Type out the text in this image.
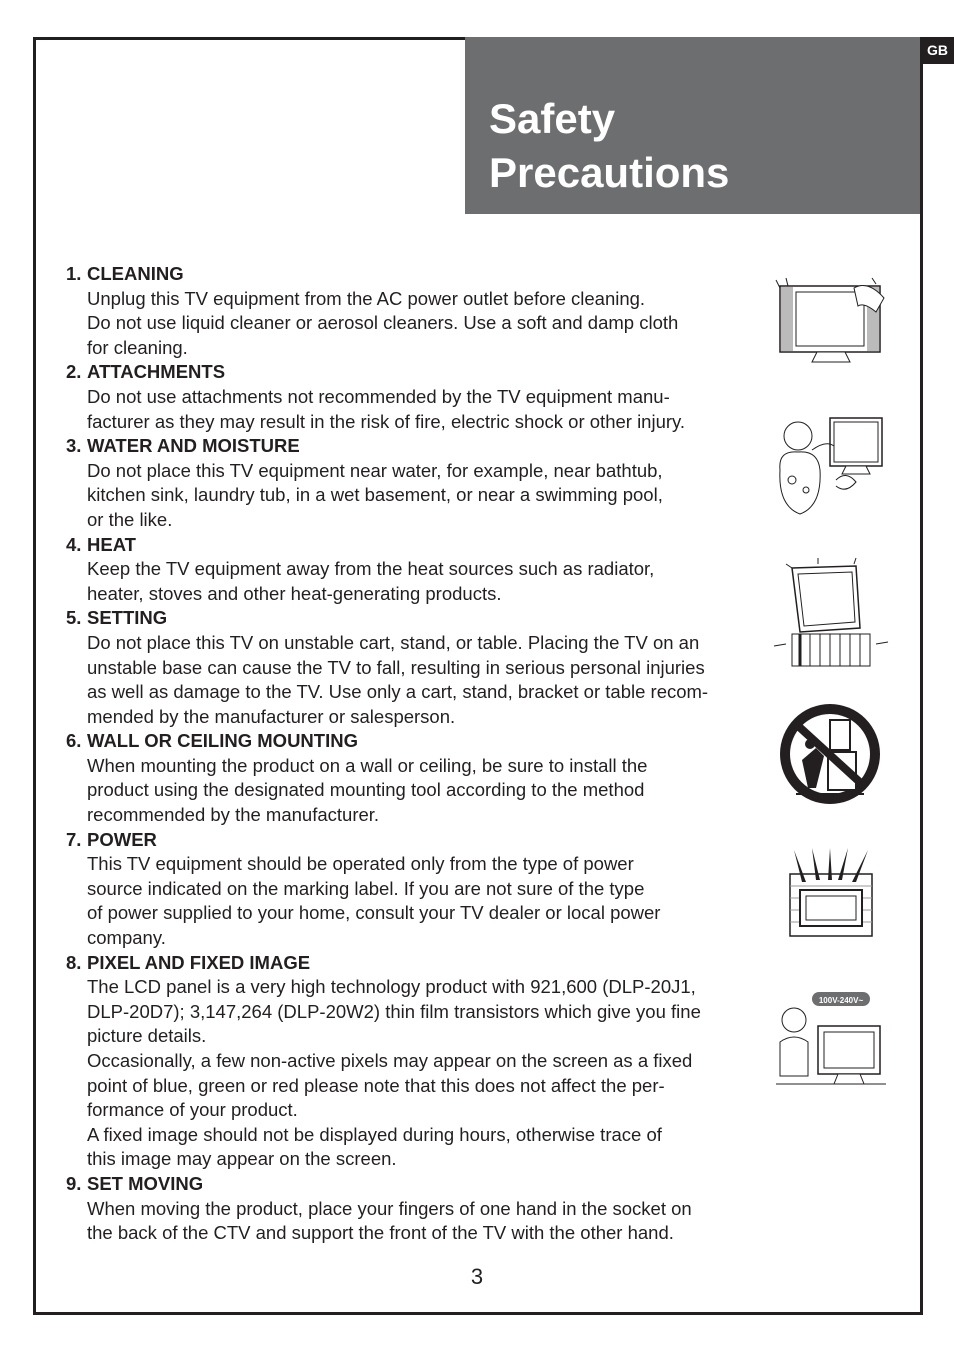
Safety
Precautions
GB
1. CLEANING
Unplug this TV equipment from the AC power outlet before cleaning.
Do not use liquid cleaner or aerosol cleaners. Use a soft and damp cloth
for cleaning.
2. ATTACHMENTS
Do not use attachments not recommended by the TV equipment manu-
facturer as they may result in the risk of fire, electric shock or other injury.
3. WATER AND MOISTURE
Do not place this TV equipment near water, for example, near bathtub,
kitchen sink, laundry tub, in a wet basement, or near a swimming pool,
or the like.
4. HEAT
Keep the TV equipment away from the heat sources such as radiator,
heater, stoves and other heat-generating products.
5. SETTING
Do not place this TV on unstable cart, stand, or table. Placing the TV on an
unstable base can cause the TV to fall, resulting in serious personal injuries
as well as damage to the TV. Use only a cart, stand, bracket or table recom-
mended by the manufacturer or salesperson.
6. WALL OR CEILING MOUNTING
When mounting the product on a wall or ceiling, be sure to install the
product using the designated mounting tool according to the method
recommended by the manufacturer.
7. POWER
This TV equipment should be operated only from the type of power
source indicated on the marking label. If you are not sure of the type
of power supplied to your home, consult your TV dealer or local power
company.
8. PIXEL AND FIXED IMAGE
The LCD panel is a very high technology product with 921,600 (DLP-20J1,
DLP-20D7); 3,147,264 (DLP-20W2) thin film transistors which give you fine
picture details.
Occasionally, a few non-active pixels may appear on the screen as a fixed
point of blue, green or red please note that this does not affect the per-
formance of your product.
A fixed image should not be displayed during hours, otherwise trace of
this image may appear on the screen.
9. SET MOVING
When moving the product, place your fingers of one hand in the socket on
the back of the CTV and support the front of the TV with the other hand.
100V-240V~
3
